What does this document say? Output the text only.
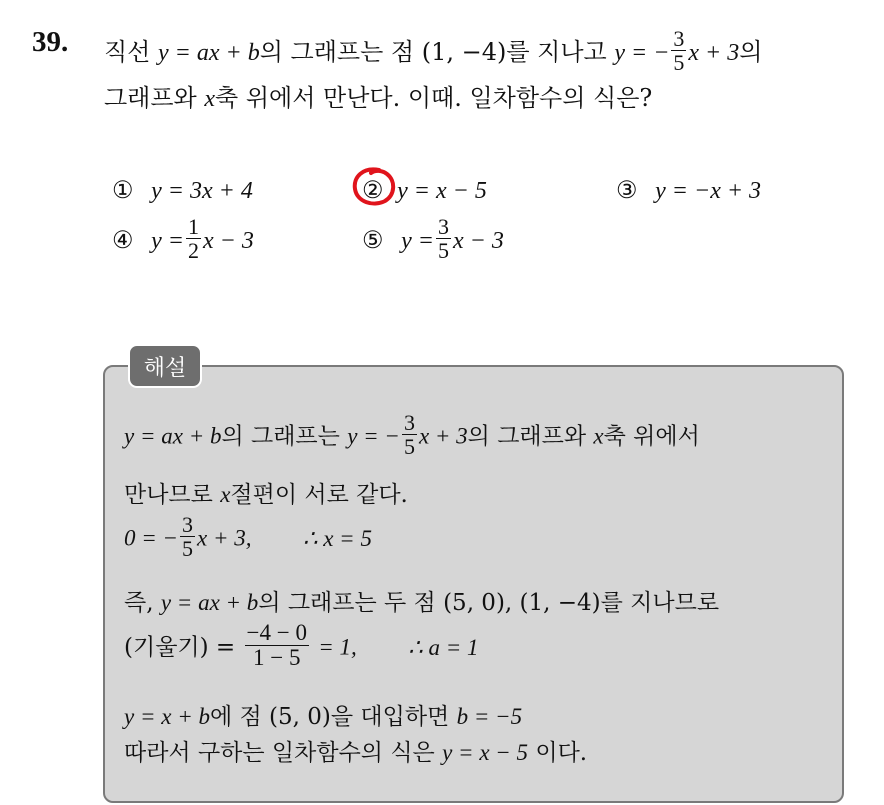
39. 직선 y = ax + b의 그래프는 점 (1, −4)를 지나고 y = − $\frac{3}{5}$ x + 3의
그래프와 x축 위에서 만난다. 이때. 일차함수의 식은?
① y = 3x + 4	② y = x − 5	③ y = −x + 3
④ $y = \frac{1}{2}$ x − 3	⑤ $y = \frac{3}{5}$ x − 3
해설
y = ax + b의 그래프는 y = − $\frac{3}{5}$ x + 3의 그래프와 x축 위에서
만나므로 x절편이 서로 같다.
0 = − $\frac{3}{5}$ x + 3, ∴ x = 5
즉, y = ax + b의 그래프는 두 점 (5, 0), (1, −4)를 지나므로
(기울기) = $\frac{-4 - 0}{1 - 5} = 1$, ∴ a = 1
y = x + b에 점 (5, 0)을 대입하면 b = −5
따라서 구하는 일차함수의 식은 y = x − 5 이다.
